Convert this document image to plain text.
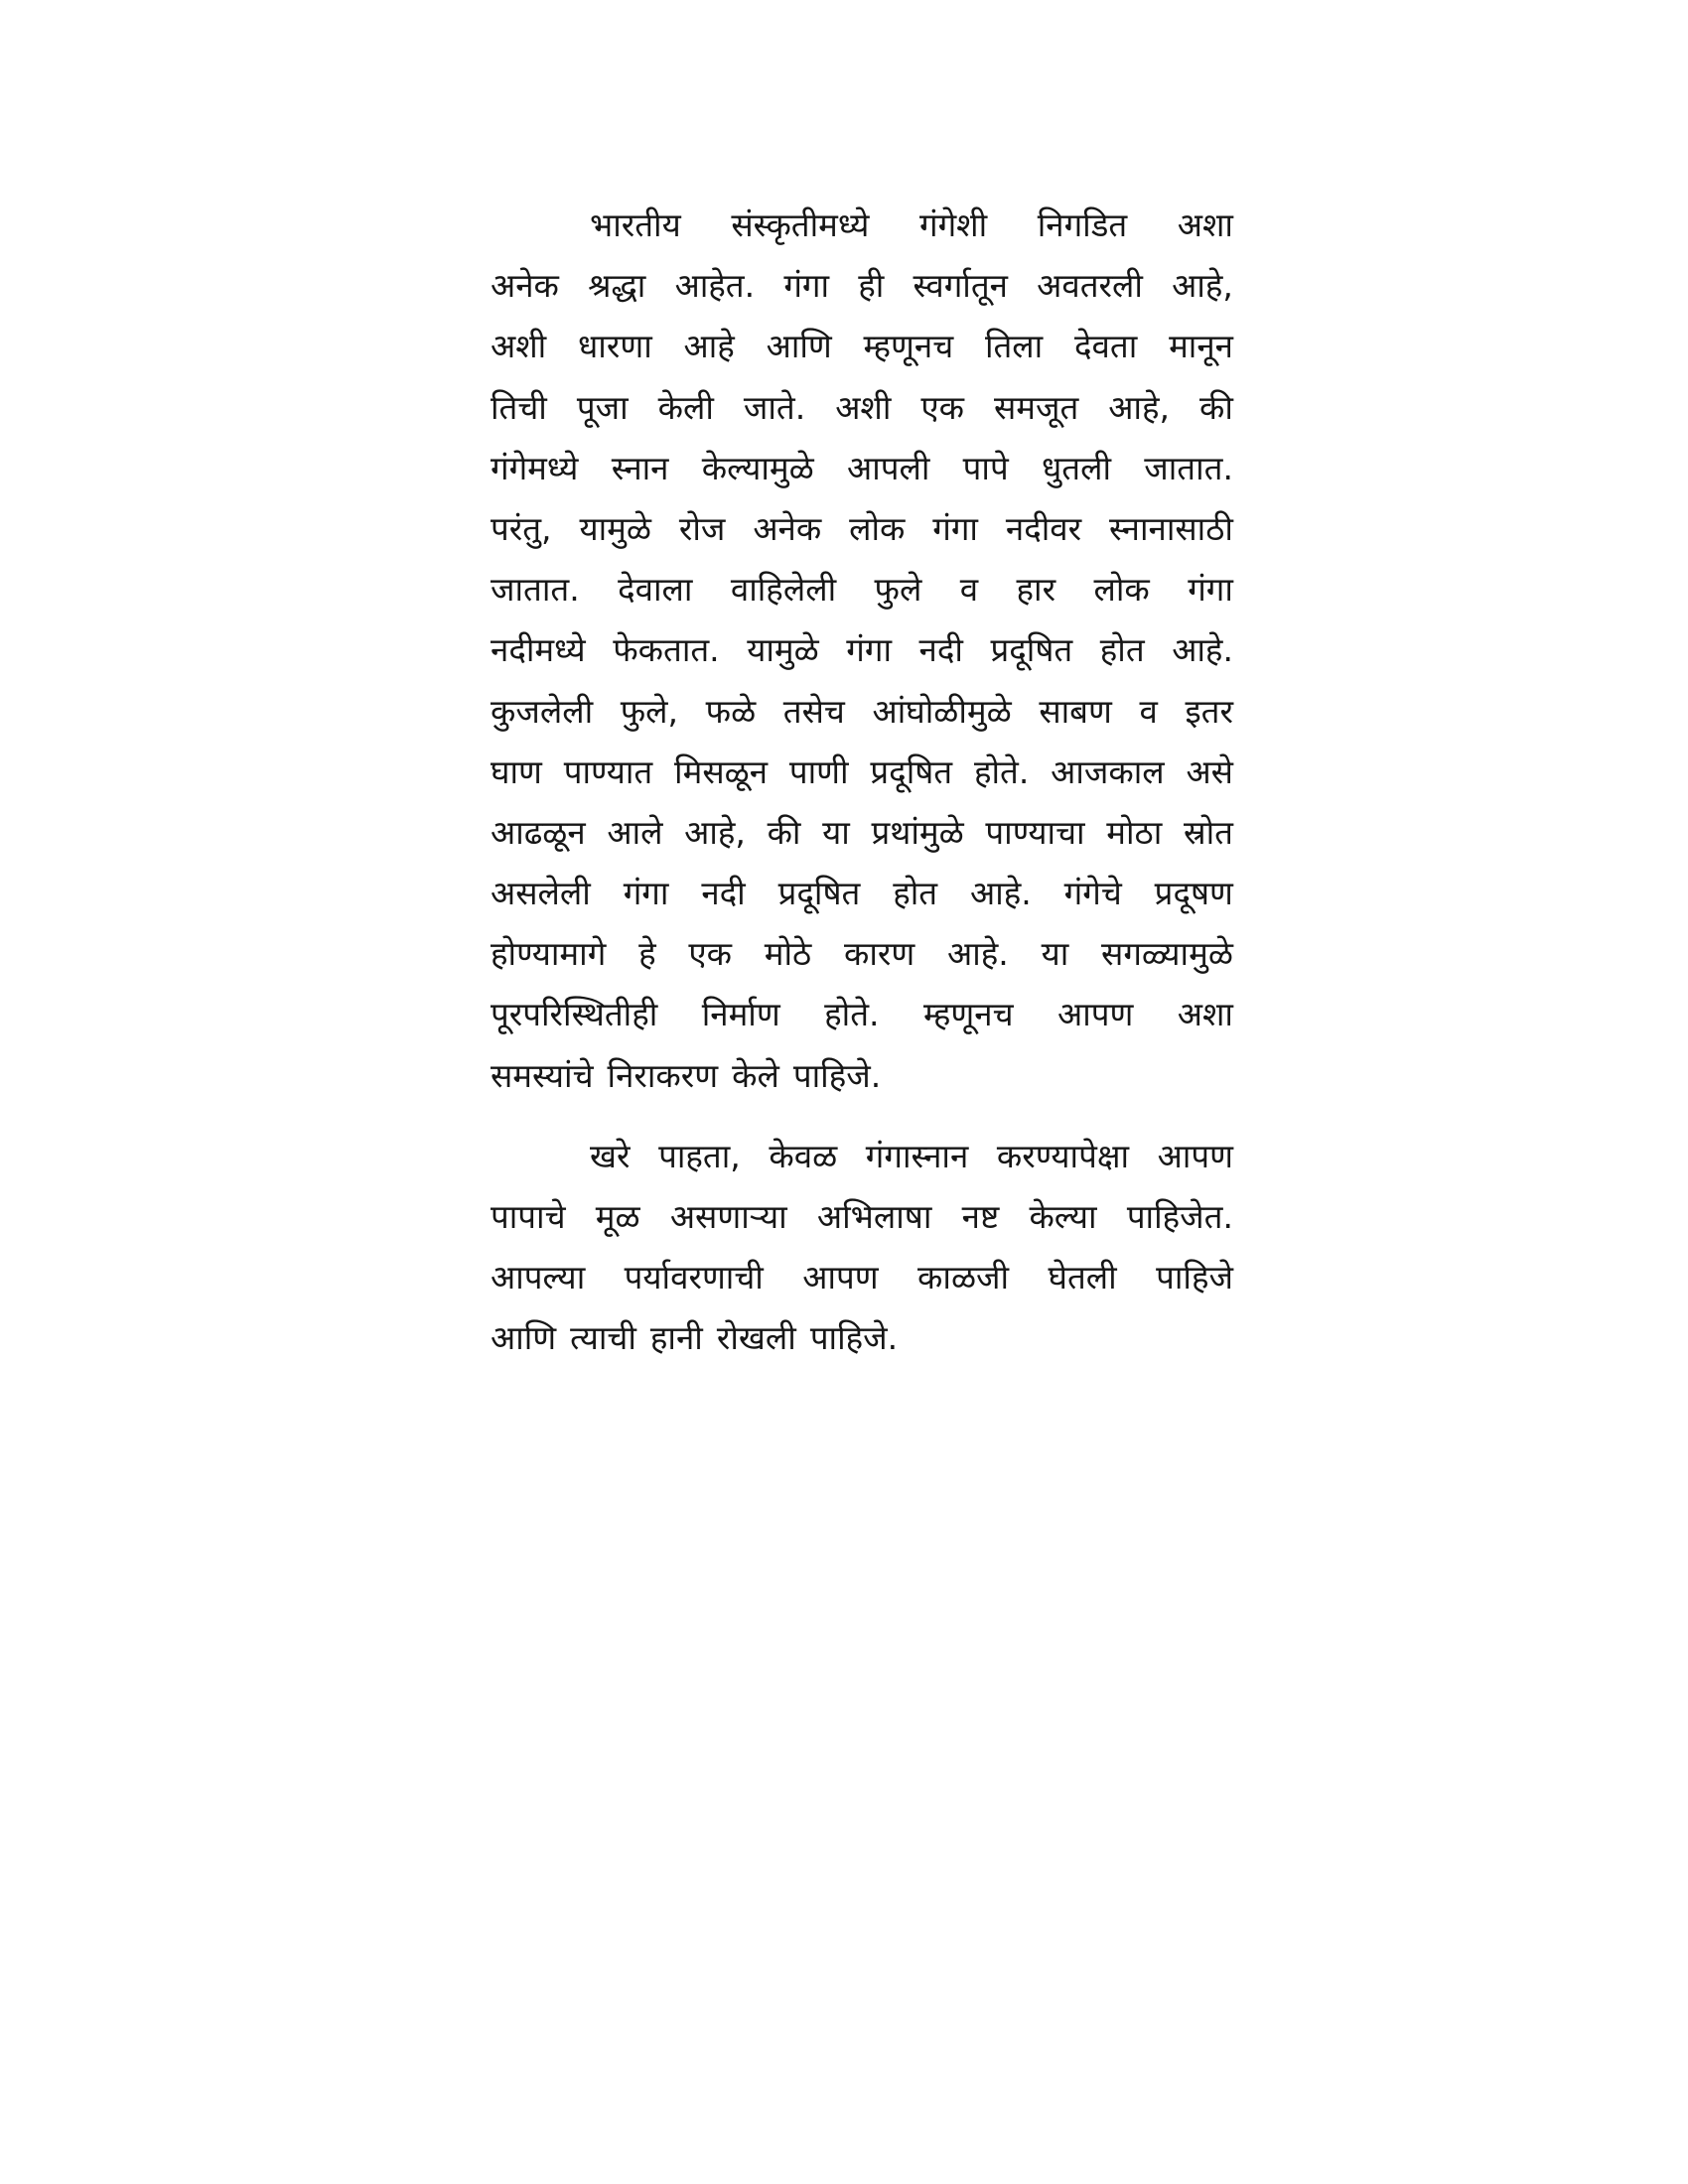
भारतीय संस्कृतीमध्ये गंगेशी निगडित अशा
अनेक श्रद्धा आहेत. गंगा ही स्वर्गातून अवतरली आहे,
अशी धारणा आहे आणि म्हणूनच तिला देवता मानून
तिची पूजा केली जाते. अशी एक समजूत आहे, की
गंगेमध्ये स्नान केल्यामुळे आपली पापे धुतली जातात.
परंतु, यामुळे रोज अनेक लोक गंगा नदीवर स्नानासाठी
जातात. देवाला वाहिलेली फुले व हार लोक गंगा
नदीमध्ये फेकतात. यामुळे गंगा नदी प्रदूषित होत आहे.
कुजलेली फुले, फळे तसेच आंघोळीमुळे साबण व इतर
घाण पाण्यात मिसळून पाणी प्रदूषित होते. आजकाल असे
आढळून आले आहे, की या प्रथांमुळे पाण्याचा मोठा स्रोत
असलेली गंगा नदी प्रदूषित होत आहे. गंगेचे प्रदूषण
होण्यामागे हे एक मोठे कारण आहे. या सगळ्यामुळे
पूरपरिस्थितीही निर्माण होते. म्हणूनच आपण अशा
समस्यांचे निराकरण केले पाहिजे.
खरे पाहता, केवळ गंगास्नान करण्यापेक्षा आपण
पापाचे मूळ असणाऱ्या अभिलाषा नष्ट केल्या पाहिजेत.
आपल्या पर्यावरणाची आपण काळजी घेतली पाहिजे
आणि त्याची हानी रोखली पाहिजे.
